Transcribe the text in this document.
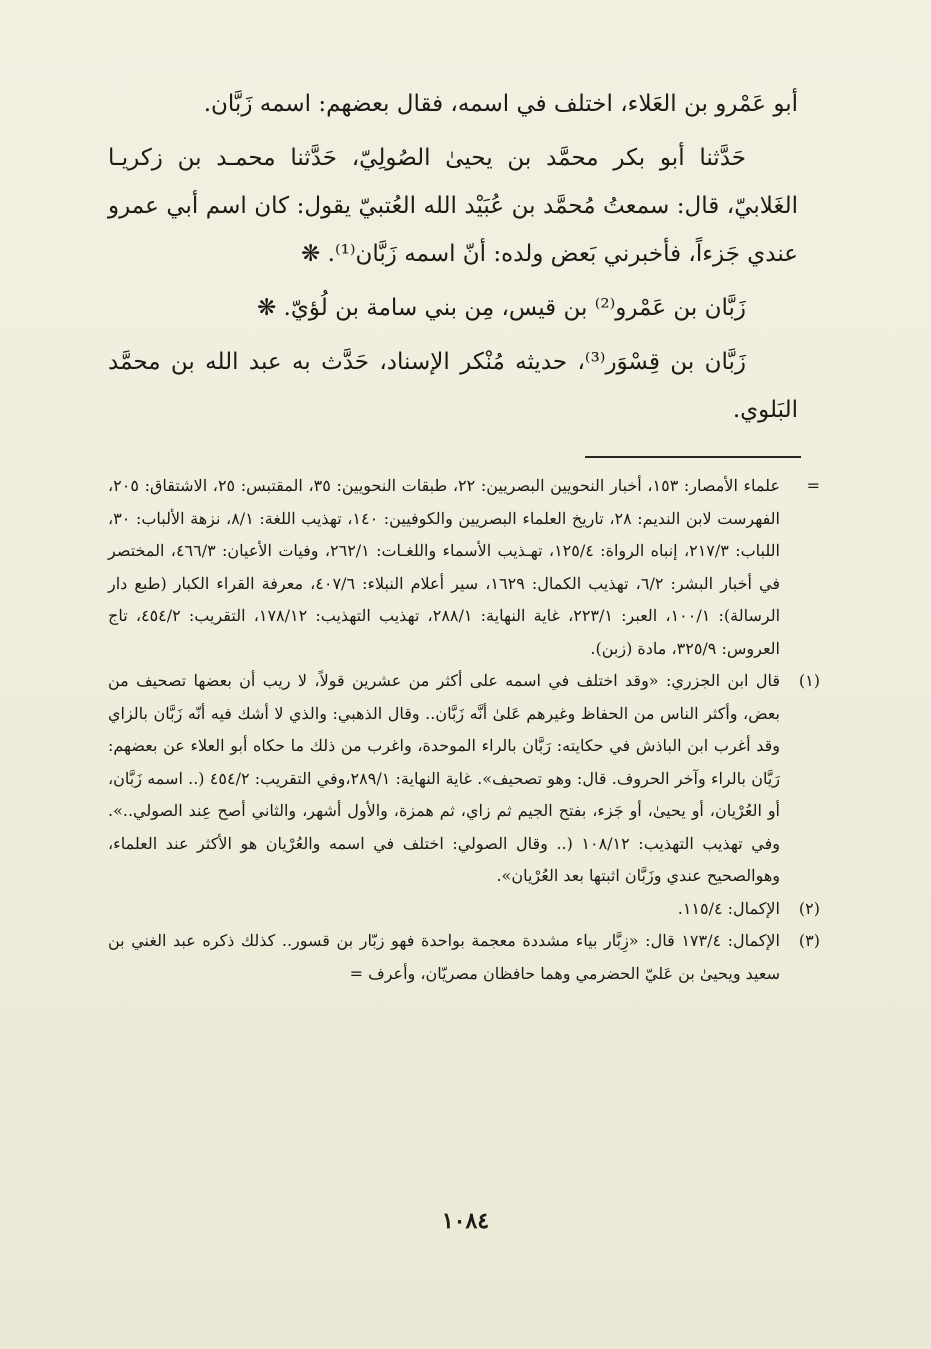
أبو عَمْرو بن العَلاء، اختلف في اسمه، فقال بعضهم: اسمه زَبَّان.

حَدَّثنا أبو بكر محمَّد بن يحيىٰ الصُولِيّ، حَدَّثنا محمـد بن زكريـا الغَلابيّ، قال: سمعتُ مُحمَّد بن عُبَيْد الله العُتبيّ يقول: كان اسم أبي عمرو عندي جَزءاً، فأخبرني بَعض ولده: أنّ اسمه زَبَّان⁽¹⁾. ❋

زَبَّان بن عَمْرو⁽²⁾ بن قيس، مِن بني سامة بن لُؤيّ. ❋

زَبَّان بن قِسْوَر⁽³⁾، حديثه مُنْكر الإسناد، حَدَّث به عبد الله بن محمَّد البَلوي.

=
علماء الأمصار: ١٥٣، أخبار النحويين البصريين: ٢٢، طبقات النحويين: ٣٥، المقتبس: ٢٥، الاشتقاق: ٢٠٥، الفهرست لابن النديم: ٢٨، تاريخ العلماء البصريين والكوفيين: ١٤٠، تهذيب اللغة: ٨/١، نزهة الألباب: ٣٠، اللباب: ٢١٧/٣، إنباه الرواة: ١٢٥/٤، تهـذيب الأسماء واللغـات: ٢٦٢/١، وفيات الأعيان: ٤٦٦/٣، المختصر في أخبار البشر: ٦/٢، تهذيب الكمال: ١٦٢٩، سير أعلام النبلاء: ٤٠٧/٦، معرفة القراء الكبار (طبع دار الرسالة): ١٠٠/١، العبر: ٢٢٣/١، غاية النهاية: ٢٨٨/١، تهذيب التهذيب: ١٧٨/١٢، التقريب: ٤٥٤/٢، تاج العروس: ٣٢٥/٩، مادة (زبن).
(١)
قال ابن الجزري: «وقد اختلف في اسمه على أكثر من عشرين قولاً، لا ريب أن بعضها تصحيف من بعض، وأكثر الناس من الحفاظ وغيرهم عَلىٰ أنَّه زَبَّان.. وقال الذهبي: والذي لا أشك فيه أنّه زَبَّان بالزاي وقد أغرب ابن الباذش في حكايته: رَبَّان بالراء الموحدة، واغرب من ذلك ما حكاه أبو العلاء عن بعضهم: رَيَّان بالراء وآخر الحروف. قال: وهو تصحيف». غاية النهاية: ٢٨٩/١،وفي التقريب: ٤٥٤/٢ (.. اسمه زَبَّان، أو العُرْيان، أو يحيىٰ، أو جَزء، بفتح الجيم ثم زاي، ثم همزة، والأول أشهر، والثاني أصح عِند الصولي..». وفي تهذيب التهذيب: ١٠٨/١٢ (.. وقال الصولي: اختلف في اسمه والعُرْيان هو الأكثر عند العلماء، وهوالصحيح عندي وزَبَّان اثبتها بعد العُرْيان».
(٢)
الإكمال: ١١٥/٤.
(٣)
الإكمال: ١٧٣/٤ قال: «زِبَّار بياء مشددة معجمة بواحدة فهو زبّار بن قسور.. كذلك ذكره عبد الغني بن سعيد ويحيىٰ بن عَليّ الحضرمي وهما حافظان مصريّان، وأعرف =
١٠٨٤
